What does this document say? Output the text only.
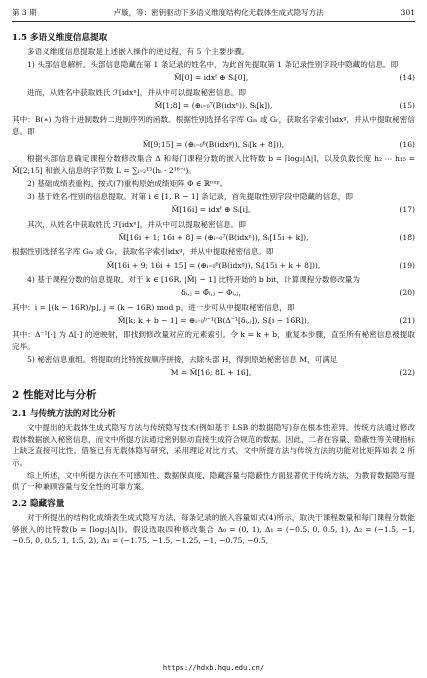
第 3 期	卢璇，等：密钥驱动下多语义维度结构化无载体生成式隐写方法	301
1.5 多语义维度信息提取

多语义维度信息提取是上述嵌入操作的逆过程，有 5 个主要步骤。

1) 头部信息解析。头部信息隐藏在第 1 条记录的姓名中，为此首先提取第 1 条记录性别字段中隐藏的信息。即

M̃[0] = idxᶠ ⊕ Sᵢ[0]。	(14)

进而，从姓名中获取姓氏 ℱ[idxⁿ]，并从中可以提取秘密信息。即

M̃[1;8] = (⊕ᵢ₌₀⁷(B(idxⁿ)), Sᵢ[k]),	(15)

其中：B(∗) 为将十进制数转二进制序列的函数。根据性别选择名字库 Gₘ 或 Gᵣ，获取名字索引idxᵍ，并从中提取秘密信息。即

M̃[9;15] = (⊕ᵢ₌₀⁶(B(idxᵍ)), Sᵢ[k + 8])),	(16)

根据头部信息确定课程分数修改集合 Δ 和每门课程分数的嵌入比特数 b = ⌈log₂|Δ|⌉，以及负载长度 h₂ ⋯ h₁₅ = M̃[2;15] 和嵌入信息的字节数 L = ∑ᵢ₌₂¹⁵(hᵢ · 2¹⁶⁻ⁱ)。

2) 基础成绩表重构。按式(7)重构原始成绩矩阵 Φ ∈ ℝⁿˣᵖ。

3) 基于姓名-性别的信息提取。对第 i ∈ [1, R − 1] 条记录，首先提取性别字段中隐藏的信息，即

M̃[16i] = idxᶠ ⊕ Sᵢ[i]。	(17)

其次，从姓名中获取姓氏 ℱ[idxⁿ]，并从中可以提取秘密信息。即

M̃[16i + 1; 16i + 8] = (⊕ᵢ₌₀⁷(B(idxⁿ)), Sᵢ[15i + k]),	(18)

根据性别选择名字库 Gₘ 或 Gᵣ，获取名字索引idxᵍ，并从中提取秘密信息。即

M̃[16i + 9; 16i + 15] = (⊕ᵢ₌₀⁶(B(idxᵍ)), Sᵢ[15i + k + 8])),	(19)

4) 基于课程分数的信息提取。对于 k ∈ [16R, |M̃| − 1] 比特开始的 b bit，计算课程分数修改量为

δᵢ,ⱼ = Φ̃ᵢ,ⱼ − Φᵢ,ⱼ，	(20)

其中：i = ⌊(k − 16R)/p⌋, j = (k − 16R) mod p。进一步可从中提取秘密信息，即

M̃[k; k + b − 1] = ⊕ᵢ₌₀ᵇ⁻¹(B(Δ⁻¹[δᵢ,ⱼ]), Sᵢ[i − 16R]),	(21)

其中：Δ⁻¹[·] 为 Δ[·] 的逆映射，即找到修改量对应的元素索引。令 k = k + b，重复本步骤，直至所有秘密信息被提取完毕。

5) 秘密信息重组。将提取的比特流按顺序拼接，去除头部 H，得到原始秘密信息 M，可满足

M = M̃[16; 8L + 16]。	(22)
2 性能对比与分析
2.1 与传统方法的对比分析

文中提出的无载体生成式隐写方法与传统隐写技术(例如基于 LSB 的数据隐写)存在根本性差异。传统方法通过修改载体数据嵌入秘密信息，而文中所提方法通过密钥驱动直接生成符合规范的数据。因此，二者在容量、隐蔽性等关键指标上缺乏直接可比性。借鉴已有无载体隐写研究，采用理论对比方式，文中所提方法与传统方法的功能对比矩阵如表 2 所示。

综上所述，文中所提方法在不可感知性、数据保真度、隐藏容量与隐蔽性方面显著优于传统方法，为教育数据隐写提供了一种兼顾容量与安全性的可靠方案。

2.2 隐藏容量

对于所提出的结构化成绩表生成式隐写方法，每条记录的嵌入容量如式(4)所示，取决于课程数量和每门课程分数能够嵌入的比特数(b = ⌈log₂|Δ|⌉)。假设选取四种修改集合 Δ₀ = (0, 1), Δ₁ = (−0.5, 0, 0.5, 1), Δ₂ = (−1.5, −1, −0.5, 0, 0.5, 1, 1.5, 2), Δ₃ = (−1.75, −1.5, −1.25, −1, −0.75, −0.5,

https://hdxb.hqu.edu.cn/
